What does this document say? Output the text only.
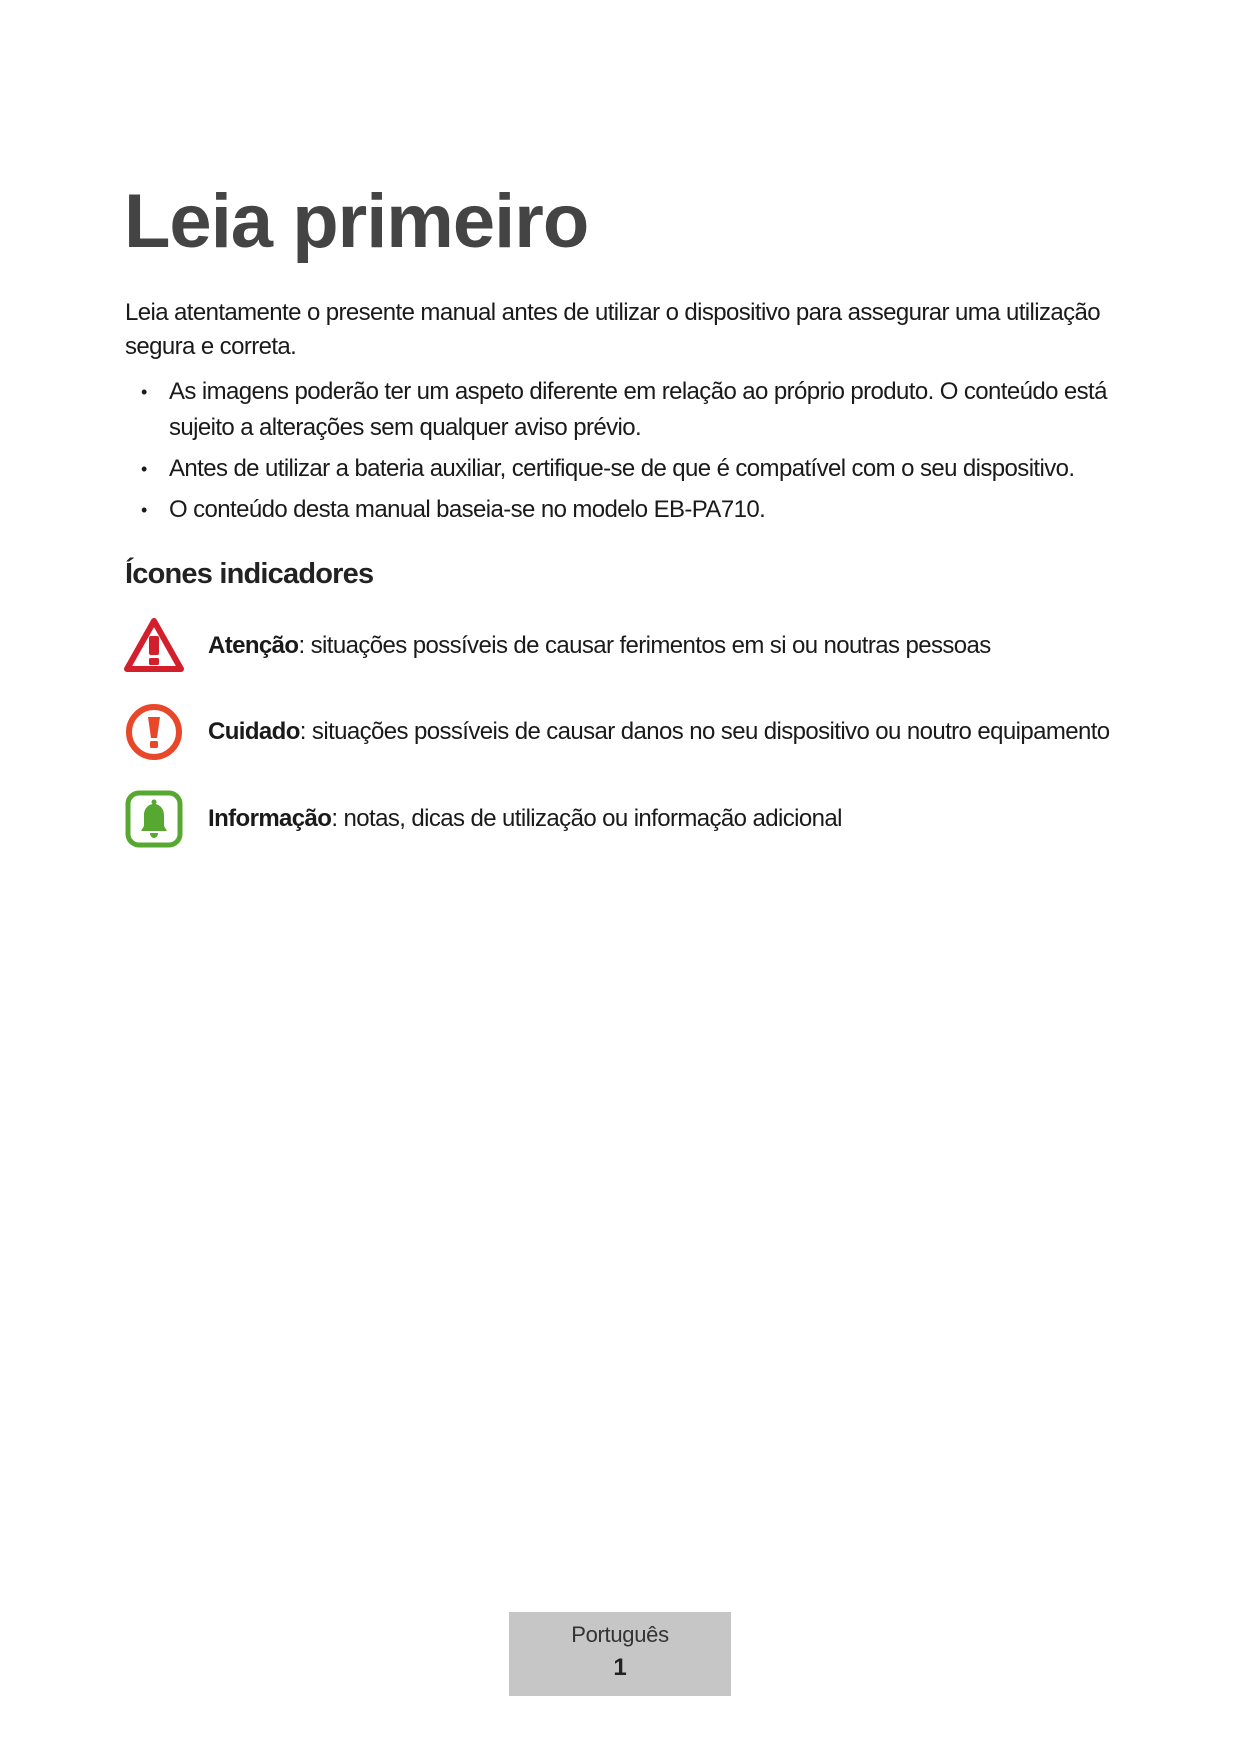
Leia primeiro

Leia atentamente o presente manual antes de utilizar o dispositivo para assegurar uma utilização segura e correta.

• As imagens poderão ter um aspeto diferente em relação ao próprio produto. O conteúdo está sujeito a alterações sem qualquer aviso prévio.
• Antes de utilizar a bateria auxiliar, certifique-se de que é compatível com o seu dispositivo.
• O conteúdo desta manual baseia-se no modelo EB-PA710.
Ícones indicadores
Atenção: situações possíveis de causar ferimentos em si ou noutras pessoas
Cuidado: situações possíveis de causar danos no seu dispositivo ou noutro equipamento
Informação: notas, dicas de utilização ou informação adicional
Português
1
